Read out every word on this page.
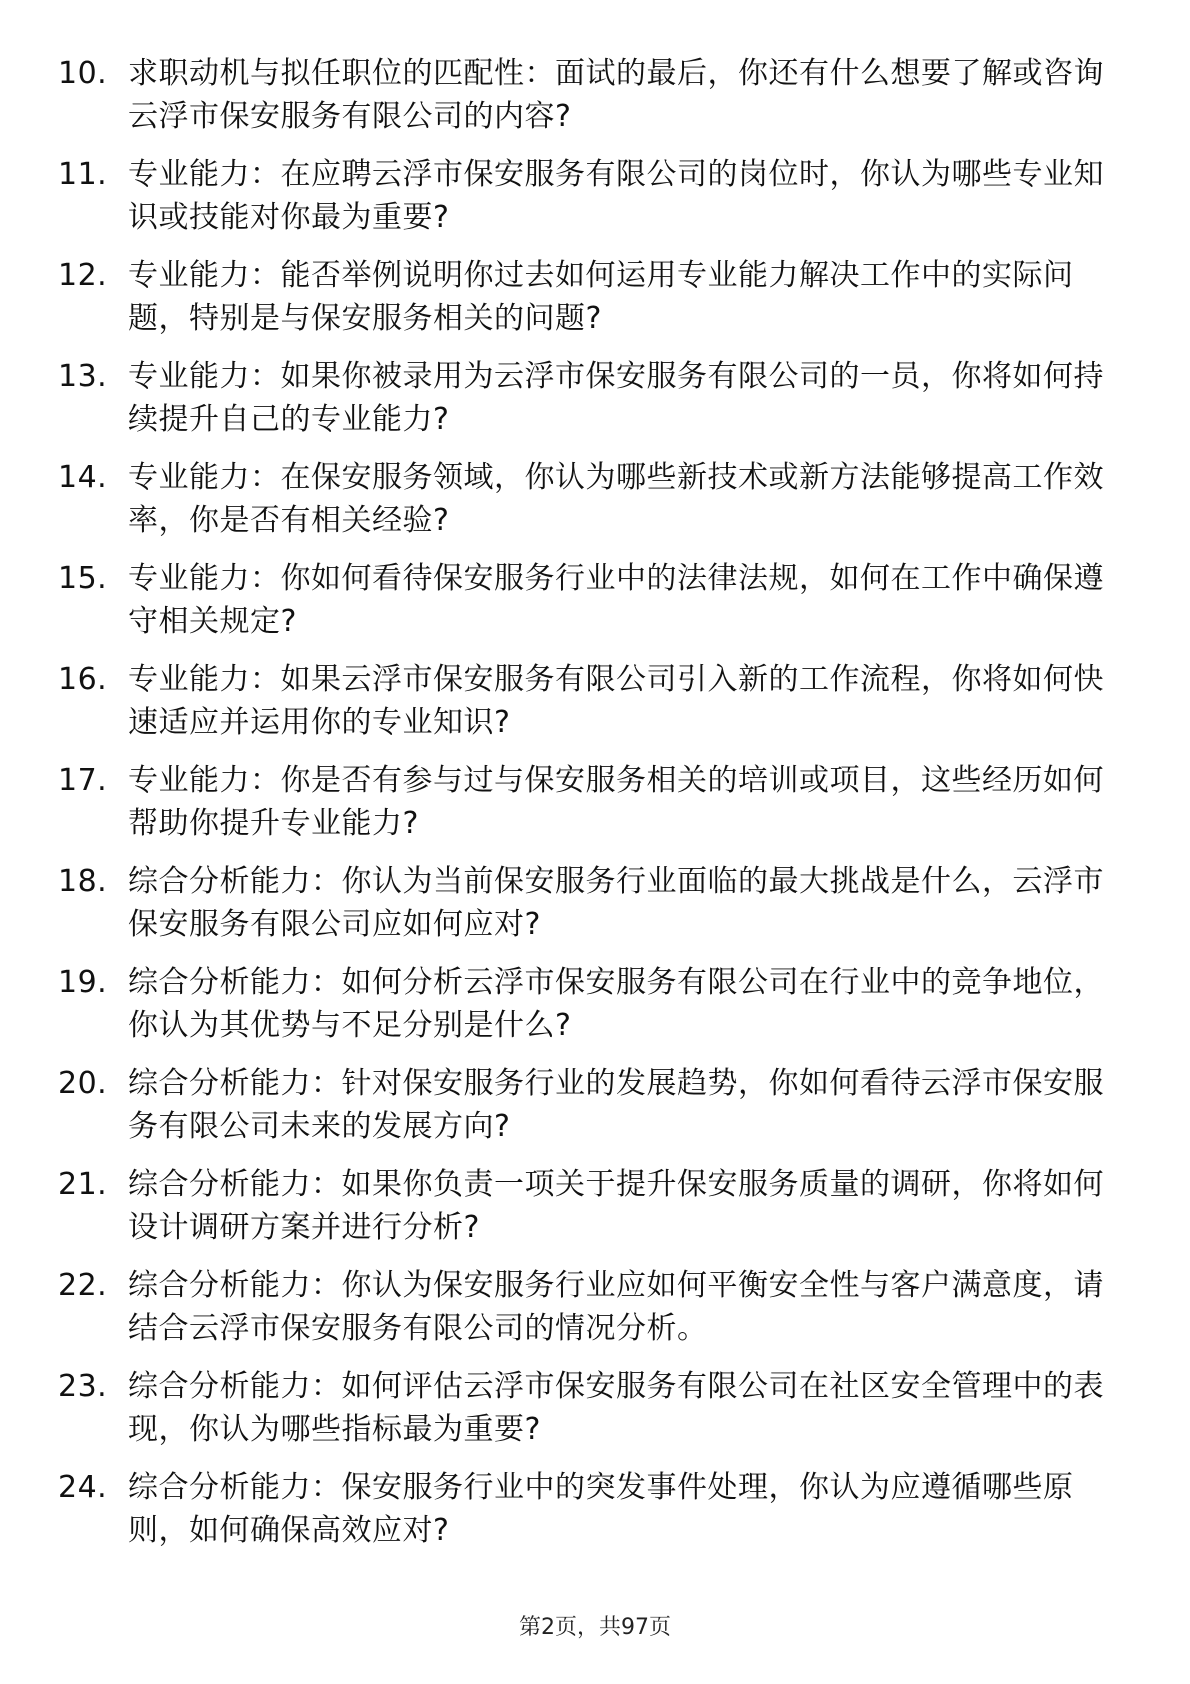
10. 求职动机与拟任职位的匹配性：面试的最后，你还有什么想要了解或咨询云浮市保安服务有限公司的内容?
11. 专业能力：在应聘云浮市保安服务有限公司的岗位时，你认为哪些专业知识或技能对你最为重要?
12. 专业能力：能否举例说明你过去如何运用专业能力解决工作中的实际问题，特别是与保安服务相关的问题?
13. 专业能力：如果你被录用为云浮市保安服务有限公司的一员，你将如何持续提升自己的专业能力?
14. 专业能力：在保安服务领域，你认为哪些新技术或新方法能够提高工作效率，你是否有相关经验?
15. 专业能力：你如何看待保安服务行业中的法律法规，如何在工作中确保遵守相关规定?
16. 专业能力：如果云浮市保安服务有限公司引入新的工作流程，你将如何快速适应并运用你的专业知识?
17. 专业能力：你是否有参与过与保安服务相关的培训或项目，这些经历如何帮助你提升专业能力?
18. 综合分析能力：你认为当前保安服务行业面临的最大挑战是什么，云浮市保安服务有限公司应如何应对?
19. 综合分析能力：如何分析云浮市保安服务有限公司在行业中的竞争地位，你认为其优势与不足分别是什么?
20. 综合分析能力：针对保安服务行业的发展趋势，你如何看待云浮市保安服务有限公司未来的发展方向?
21. 综合分析能力：如果你负责一项关于提升保安服务质量的调研，你将如何设计调研方案并进行分析?
22. 综合分析能力：你认为保安服务行业应如何平衡安全性与客户满意度，请结合云浮市保安服务有限公司的情况分析。
23. 综合分析能力：如何评估云浮市保安服务有限公司在社区安全管理中的表现，你认为哪些指标最为重要?
24. 综合分析能力：保安服务行业中的突发事件处理，你认为应遵循哪些原则，如何确保高效应对?
第2页，共97页
